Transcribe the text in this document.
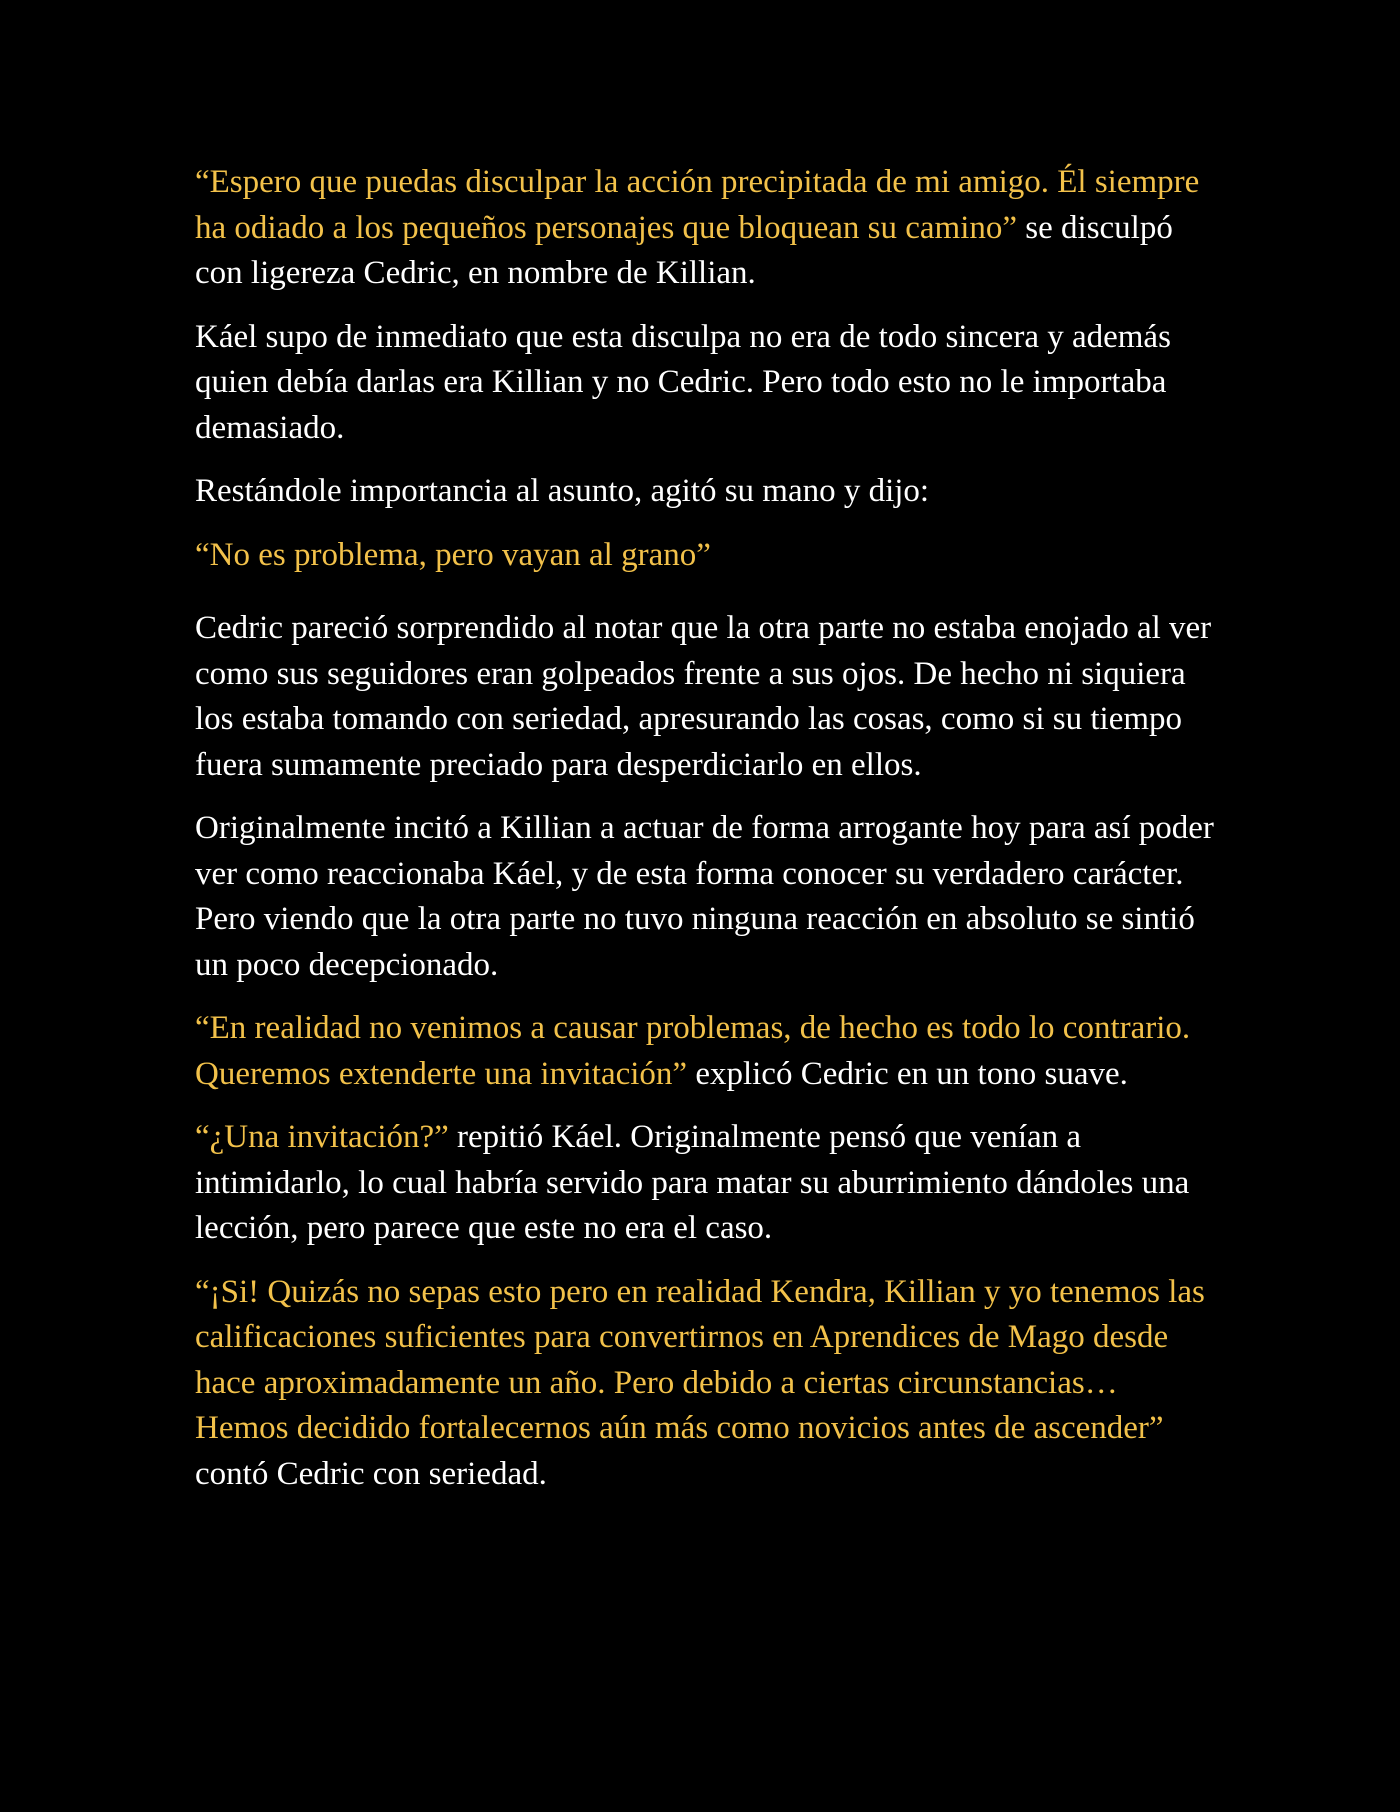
“Espero que puedas disculpar la acción precipitada de mi amigo. Él siempre ha odiado a los pequeños personajes que bloquean su camino” se disculpó con ligereza Cedric, en nombre de Killian.

Káel supo de inmediato que esta disculpa no era de todo sincera y además quien debía darlas era Killian y no Cedric. Pero todo esto no le importaba demasiado.

Restándole importancia al asunto, agitó su mano y dijo:

“No es problema, pero vayan al grano”

Cedric pareció sorprendido al notar que la otra parte no estaba enojado al ver como sus seguidores eran golpeados frente a sus ojos. De hecho ni siquiera los estaba tomando con seriedad, apresurando las cosas, como si su tiempo fuera sumamente preciado para desperdiciarlo en ellos.

Originalmente incitó a Killian a actuar de forma arrogante hoy para así poder ver como reaccionaba Káel, y de esta forma conocer su verdadero carácter. Pero viendo que la otra parte no tuvo ninguna reacción en absoluto se sintió un poco decepcionado.

“En realidad no venimos a causar problemas, de hecho es todo lo contrario. Queremos extenderte una invitación” explicó Cedric en un tono suave.

“¿Una invitación?” repitió Káel. Originalmente pensó que venían a intimidarlo, lo cual habría servido para matar su aburrimiento dándoles una lección, pero parece que este no era el caso.

“¡Si! Quizás no sepas esto pero en realidad Kendra, Killian y yo tenemos las calificaciones suficientes para convertirnos en Aprendices de Mago desde hace aproximadamente un año. Pero debido a ciertas circunstancias… Hemos decidido fortalecernos aún más como novicios antes de ascender” contó Cedric con seriedad.
